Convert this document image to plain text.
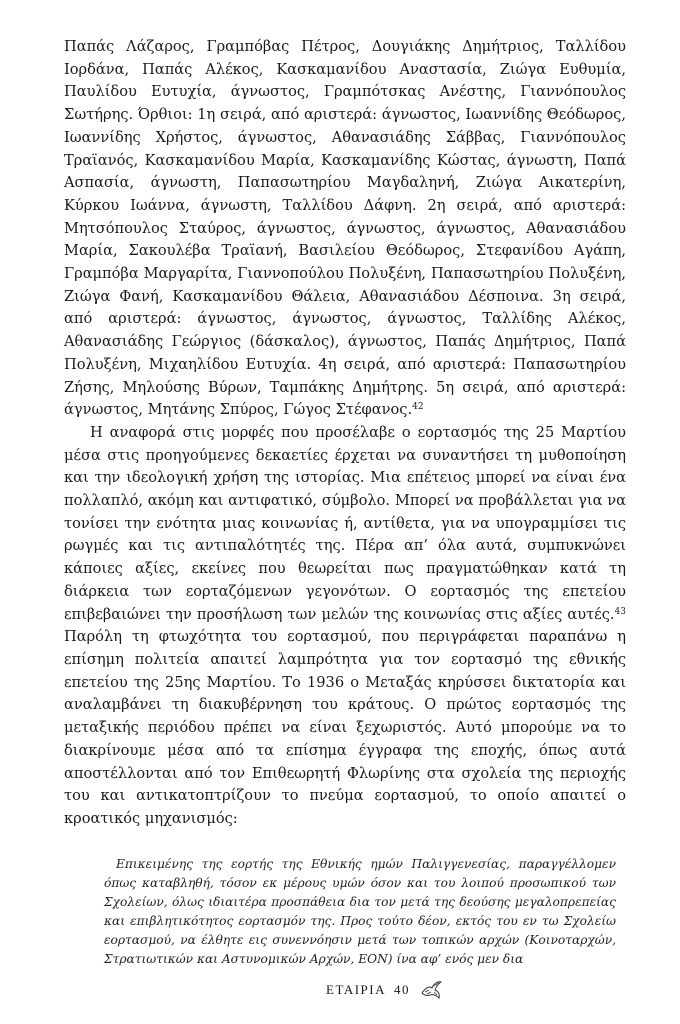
Παπάς Λάζαρος, Γραμπόβας Πέτρος, Δουγιάκης Δημήτριος, Ταλλίδου Ιορδάνα, Παπάς Αλέκος, Κασκαμανίδου Αναστασία, Ζιώγα Ευθυμία, Παυλίδου Ευτυχία, άγνωστος, Γραμπότσκας Ανέστης, Γιαννόπουλος Σωτήρης. Όρθιοι: 1η σειρά, από αριστερά: άγνωστος, Ιωαννίδης Θεόδωρος, Ιωαννίδης Χρήστος, άγνωστος, Αθανασιάδης Σάββας, Γιαννόπουλος Τραϊανός, Κασκαμανίδου Μαρία, Κασκαμανίδης Κώστας, άγνωστη, Παπά Ασπασία, άγνωστη, Παπασωτηρίου Μαγδαληνή, Ζιώγα Αικατερίνη, Κύρκου Ιωάννα, άγνωστη, Ταλλίδου Δάφνη. 2η σειρά, από αριστερά: Μητσόπουλος Σταύρος, άγνωστος, άγνωστος, άγνωστος, Αθανασιάδου Μαρία, Σακουλέβα Τραϊανή, Βασιλείου Θεόδωρος, Στεφανίδου Αγάπη, Γραμπόβα Μαργαρίτα, Γιαννοπούλου Πολυξένη, Παπασωτηρίου Πολυξένη, Ζιώγα Φανή, Κασκαμανίδου Θάλεια, Αθανασιάδου Δέσποινα. 3η σειρά, από αριστερά: άγνωστος, άγνωστος, άγνωστος, Ταλλίδης Αλέκος, Αθανασιάδης Γεώργιος (δάσκαλος), άγνωστος, Παπάς Δημήτριος, Παπά Πολυξένη, Μιχαηλίδου Ευτυχία. 4η σειρά, από αριστερά: Παπασωτηρίου Ζήσης, Μηλούσης Βύρων, Ταμπάκης Δημήτρης. 5η σειρά, από αριστερά: άγνωστος, Μητάνης Σπύρος, Γώγος Στέφανος.$^{42}$

Η αναφορά στις μορφές που προσέλαβε ο εορτασμός της 25 Μαρτίου μέσα στις προηγούμενες δεκαετίες έρχεται να συναντήσει τη μυθοποίηση και την ιδεολογική χρήση της ιστορίας. Μια επέτειος μπορεί να είναι ένα πολλαπλό, ακόμη και αντιφατικό, σύμβολο. Μπορεί να προβάλλεται για να τονίσει την ενότητα μιας κοινωνίας ή, αντίθετα, για να υπογραμμίσει τις ρωγμές και τις αντιπαλότητές της. Πέρα απ’ όλα αυτά, συμπυκνώνει κάποιες αξίες, εκείνες που θεωρείται πως πραγματώθηκαν κατά τη διάρκεια των εορταζόμενων γεγονότων. Ο εορτασμός της επετείου επιβεβαιώνει την προσήλωση των μελών της κοινωνίας στις αξίες αυτές.$^{43}$ Παρόλη τη φτωχότητα του εορτασμού, που περιγράφεται παραπάνω η επίσημη πολιτεία απαιτεί λαμπρότητα για τον εορτασμό της εθνικής επετείου της 25ης Μαρτίου. Το 1936 ο Μεταξάς κηρύσσει δικτατορία και αναλαμβάνει τη διακυβέρνηση του κράτους. Ο πρώτος εορτασμός της μεταξικής περιόδου πρέπει να είναι ξεχωριστός. Αυτό μπορούμε να το διακρίνουμε μέσα από τα επίσημα έγγραφα της εποχής, όπως αυτά αποστέλλονται από τον Επιθεωρητή Φλωρίνης στα σχολεία της περιοχής του και αντικατοπτρίζουν το πνεύμα εορτασμού, το οποίο απαιτεί ο κροατικός μηχανισμός:

Επικειμένης της εορτής της Εθνικής ημών Παλιγγενεσίας, παραγγέλλομεν όπως καταβληθή, τόσον εκ μέρους υμών όσον και του λοιπού προσωπικού των Σχολείων, όλως ιδιαιτέρα προσπάθεια δια τον μετά της δεούσης μεγαλοπρεπείας και επιβλητικότητος εορτασμόν της. Προς τούτο δέον, εκτός του εν τω Σχολείω εορτασμού, να έλθητε εις συνεννόησιν μετά των τοπικών αρχών (Κοινοταρχών, Στρατιωτικών και Αστυνομικών Αρχών, ΕΟΝ) ίνα αφ’ ενός μεν δια
ΕΤΑΙΡΙΑ 40
